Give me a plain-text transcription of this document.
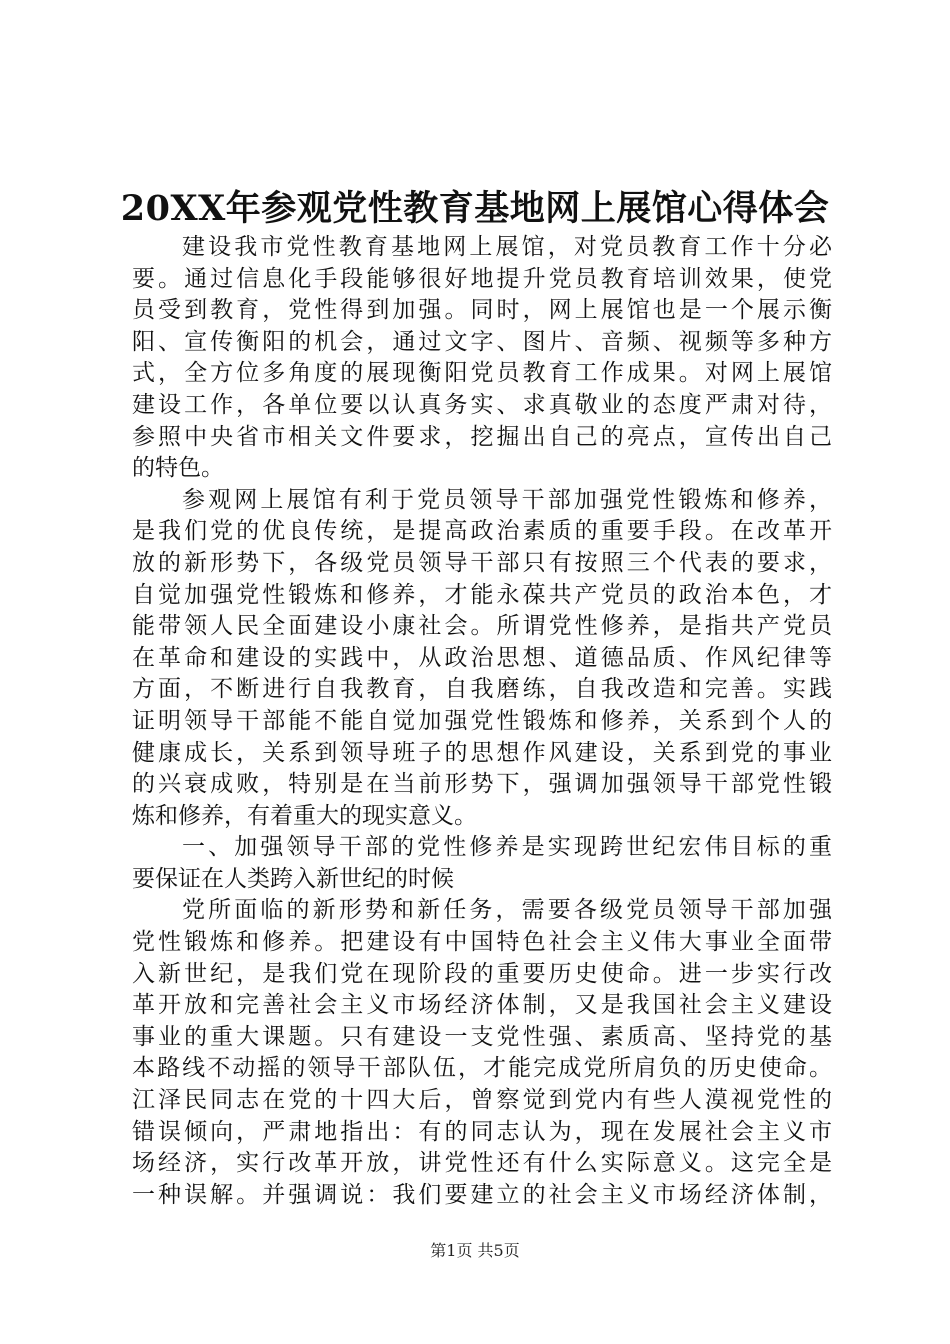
20XX年参观党性教育基地网上展馆心得体会
建设我市党性教育基地网上展馆，对党员教育工作十分必
要。通过信息化手段能够很好地提升党员教育培训效果，使党
员受到教育，党性得到加强。同时，网上展馆也是一个展示衡
阳、宣传衡阳的机会，通过文字、图片、音频、视频等多种方
式，全方位多角度的展现衡阳党员教育工作成果。对网上展馆
建设工作，各单位要以认真务实、求真敬业的态度严肃对待，
参照中央省市相关文件要求，挖掘出自己的亮点，宣传出自己
的特色。
参观网上展馆有利于党员领导干部加强党性锻炼和修养，
是我们党的优良传统，是提高政治素质的重要手段。在改革开
放的新形势下，各级党员领导干部只有按照三个代表的要求，
自觉加强党性锻炼和修养，才能永葆共产党员的政治本色，才
能带领人民全面建设小康社会。所谓党性修养，是指共产党员
在革命和建设的实践中，从政治思想、道德品质、作风纪律等
方面，不断进行自我教育，自我磨练，自我改造和完善。实践
证明领导干部能不能自觉加强党性锻炼和修养，关系到个人的
健康成长，关系到领导班子的思想作风建设，关系到党的事业
的兴衰成败，特别是在当前形势下，强调加强领导干部党性锻
炼和修养，有着重大的现实意义。
一、加强领导干部的党性修养是实现跨世纪宏伟目标的重
要保证在人类跨入新世纪的时候
党所面临的新形势和新任务，需要各级党员领导干部加强
党性锻炼和修养。把建设有中国特色社会主义伟大事业全面带
入新世纪，是我们党在现阶段的重要历史使命。进一步实行改
革开放和完善社会主义市场经济体制，又是我国社会主义建设
事业的重大课题。只有建设一支党性强、素质高、坚持党的基
本路线不动摇的领导干部队伍，才能完成党所肩负的历史使命。
江泽民同志在党的十四大后，曾察觉到党内有些人漠视党性的
错误倾向，严肃地指出：有的同志认为，现在发展社会主义市
场经济，实行改革开放，讲党性还有什么实际意义。这完全是
一种误解。并强调说：我们要建立的社会主义市场经济体制，
第1页 共5页
